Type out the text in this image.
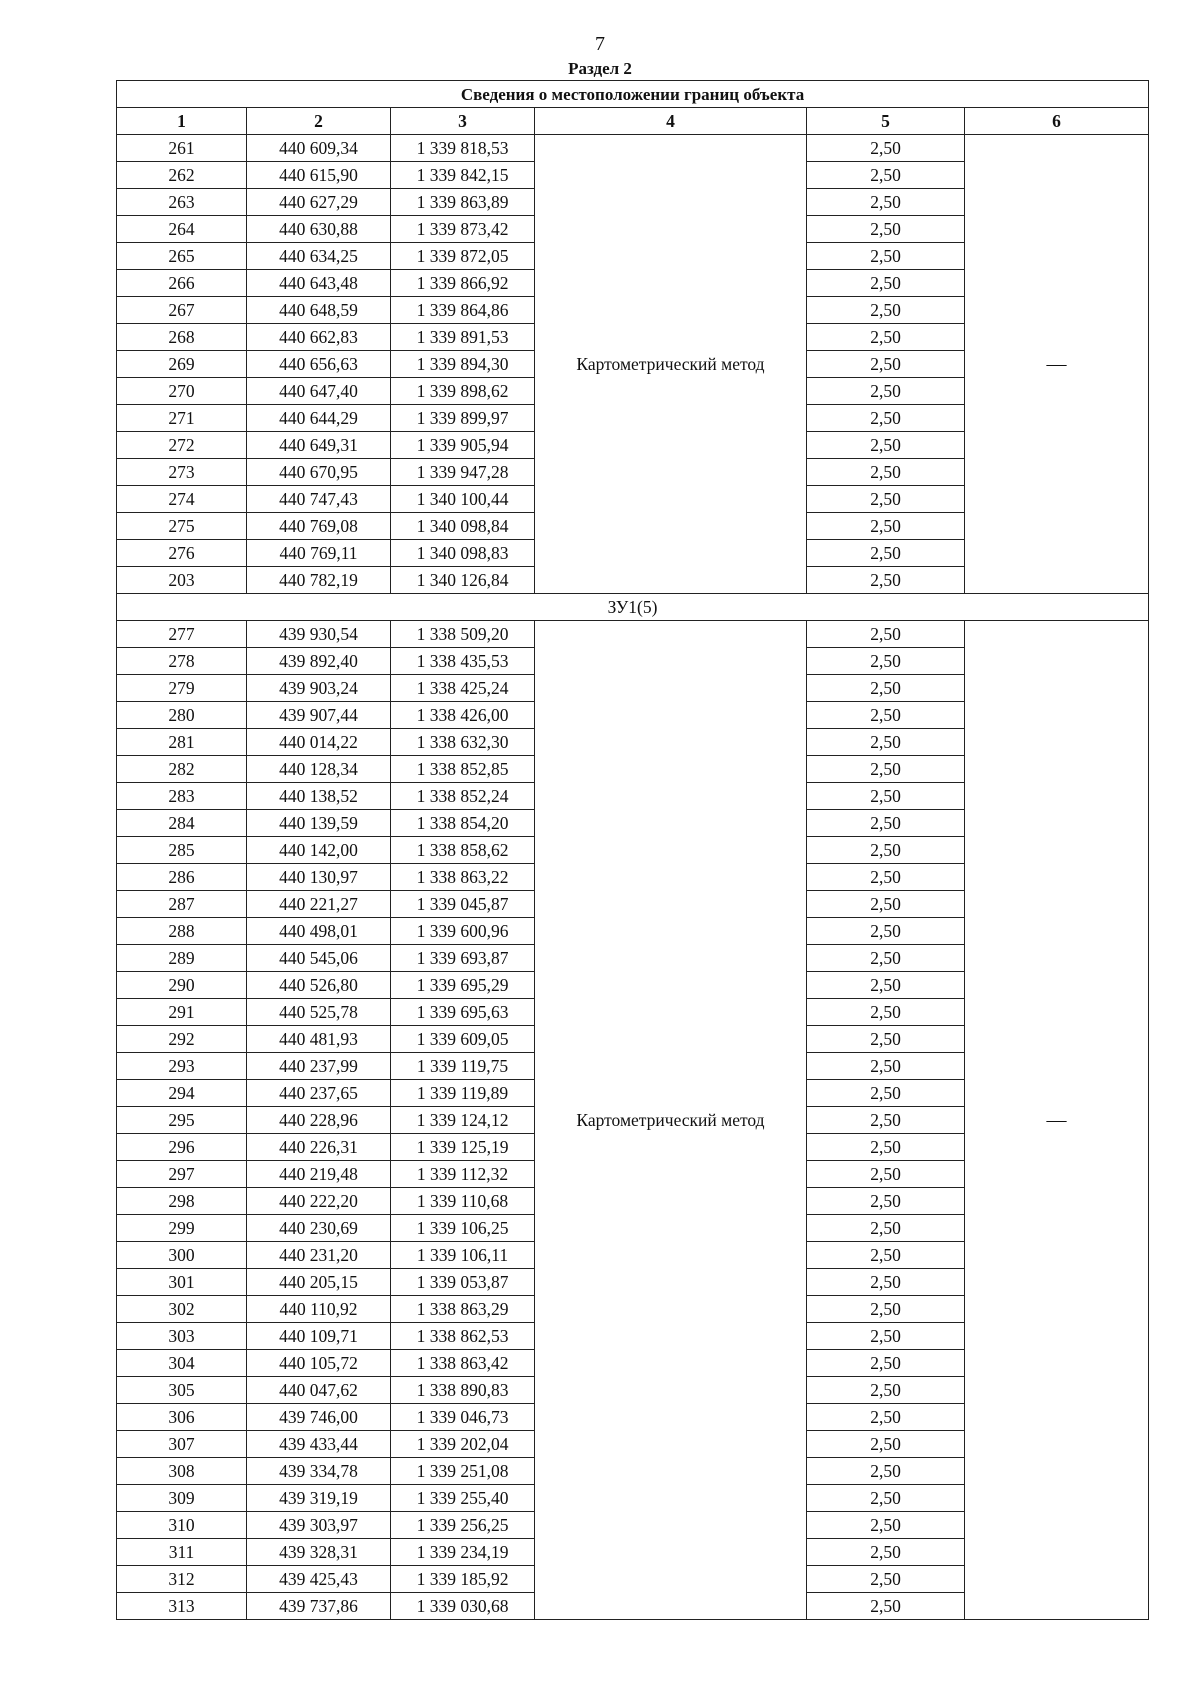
7
Раздел 2
Сведения о местоположении границ объекта					
1	2	3	4	5	6
261	440 609,34	1 339 818,53	Картометрический метод	2,50	—
262	440 615,90	1 339 842,15		2,50	
263	440 627,29	1 339 863,89		2,50	
264	440 630,88	1 339 873,42		2,50	
265	440 634,25	1 339 872,05		2,50	
266	440 643,48	1 339 866,92		2,50	
267	440 648,59	1 339 864,86		2,50	
268	440 662,83	1 339 891,53		2,50	
269	440 656,63	1 339 894,30		2,50	
270	440 647,40	1 339 898,62		2,50	
271	440 644,29	1 339 899,97		2,50	
272	440 649,31	1 339 905,94		2,50	
273	440 670,95	1 339 947,28		2,50	
274	440 747,43	1 340 100,44		2,50	
275	440 769,08	1 340 098,84		2,50	
276	440 769,11	1 340 098,83		2,50	
203	440 782,19	1 340 126,84		2,50	
ЗУ1(5)					
277	439 930,54	1 338 509,20	Картометрический метод	2,50	—
278	439 892,40	1 338 435,53		2,50	
279	439 903,24	1 338 425,24		2,50	
280	439 907,44	1 338 426,00		2,50	
281	440 014,22	1 338 632,30		2,50	
282	440 128,34	1 338 852,85		2,50	
283	440 138,52	1 338 852,24		2,50	
284	440 139,59	1 338 854,20		2,50	
285	440 142,00	1 338 858,62		2,50	
286	440 130,97	1 338 863,22		2,50	
287	440 221,27	1 339 045,87		2,50	
288	440 498,01	1 339 600,96		2,50	
289	440 545,06	1 339 693,87		2,50	
290	440 526,80	1 339 695,29		2,50	
291	440 525,78	1 339 695,63		2,50	
292	440 481,93	1 339 609,05		2,50	
293	440 237,99	1 339 119,75		2,50	
294	440 237,65	1 339 119,89		2,50	
295	440 228,96	1 339 124,12		2,50	
296	440 226,31	1 339 125,19		2,50	
297	440 219,48	1 339 112,32		2,50	
298	440 222,20	1 339 110,68		2,50	
299	440 230,69	1 339 106,25		2,50	
300	440 231,20	1 339 106,11		2,50	
301	440 205,15	1 339 053,87		2,50	
302	440 110,92	1 338 863,29		2,50	
303	440 109,71	1 338 862,53		2,50	
304	440 105,72	1 338 863,42		2,50	
305	440 047,62	1 338 890,83		2,50	
306	439 746,00	1 339 046,73		2,50	
307	439 433,44	1 339 202,04		2,50	
308	439 334,78	1 339 251,08		2,50	
309	439 319,19	1 339 255,40		2,50	
310	439 303,97	1 339 256,25		2,50	
311	439 328,31	1 339 234,19		2,50	
312	439 425,43	1 339 185,92		2,50	
313	439 737,86	1 339 030,68		2,50	
